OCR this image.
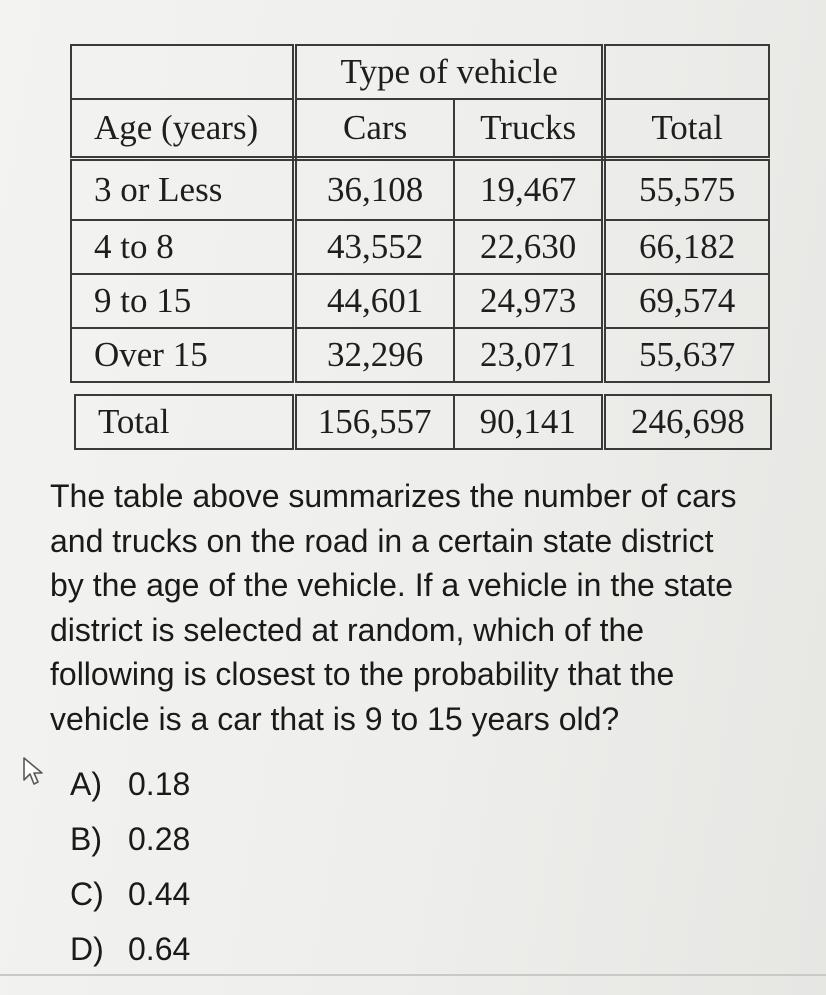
	Type of vehicle		
Age (years)	Cars	Trucks	Total
3 or Less	36,108	19,467	55,575
4 to 8	43,552	22,630	66,182
9 to 15	44,601	24,973	69,574
Over 15	32,296	23,071	55,637
Total	156,557	90,141	246,698
The table above summarizes the number of cars
and trucks on the road in a certain state district
by the age of the vehicle. If a vehicle in the state
district is selected at random, which of the
following is closest to the probability that the
vehicle is a car that is 9 to 15 years old?
A) 0.18
B) 0.28
C) 0.44
D) 0.64
